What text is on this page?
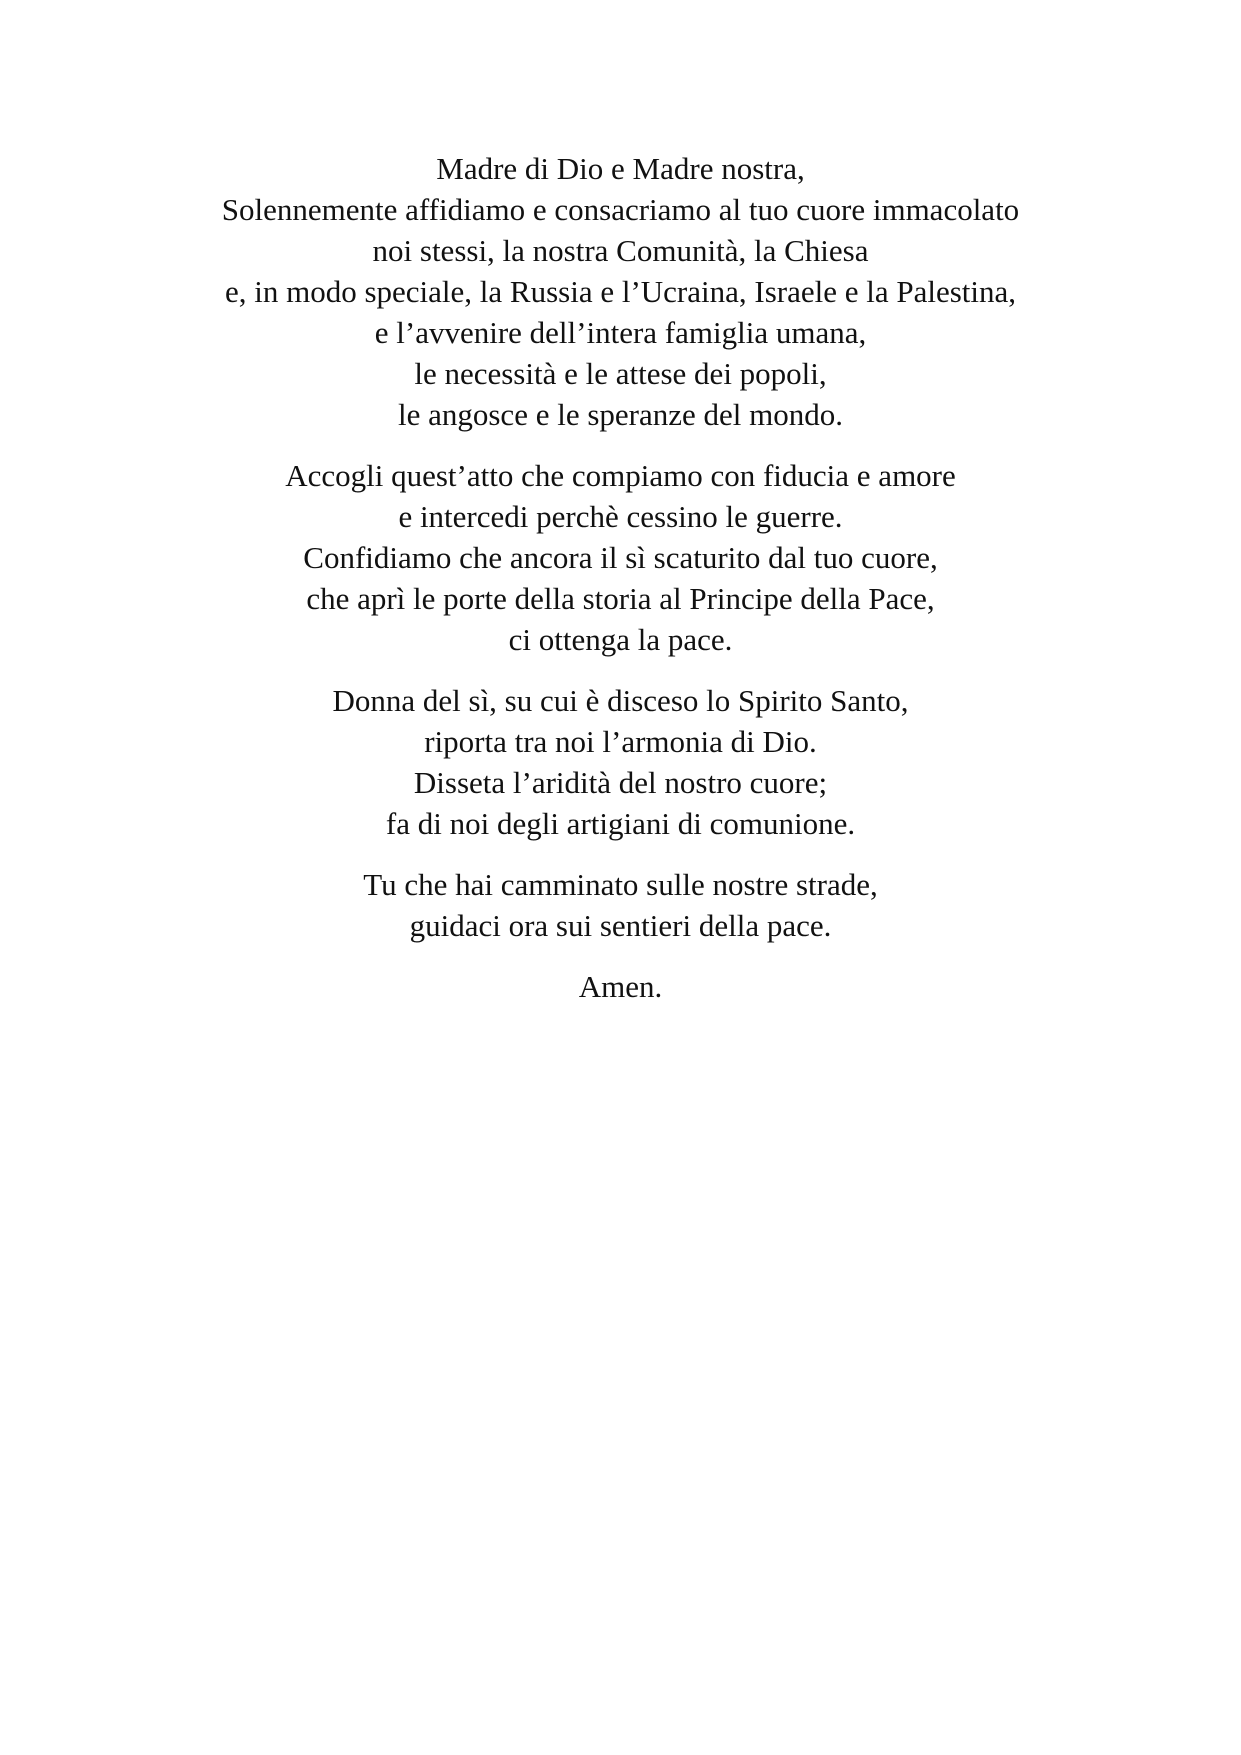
Madre di Dio e Madre nostra,
Solennemente affidiamo e consacriamo al tuo cuore immacolato
noi stessi, la nostra Comunità, la Chiesa
e, in modo speciale, la Russia e l’Ucraina, Israele e la Palestina,
e l’avvenire dell’intera famiglia umana,
le necessità e le attese dei popoli,
le angosce e le speranze del mondo.
Accogli quest’atto che compiamo con fiducia e amore
e intercedi perchè cessino le guerre.
Confidiamo che ancora il sì scaturito dal tuo cuore,
che aprì le porte della storia al Principe della Pace,
ci ottenga la pace.
Donna del sì, su cui è disceso lo Spirito Santo,
riporta tra noi l’armonia di Dio.
Disseta l’aridità del nostro cuore;
fa di noi degli artigiani di comunione.
Tu che hai camminato sulle nostre strade,
guidaci ora sui sentieri della pace.
Amen.
